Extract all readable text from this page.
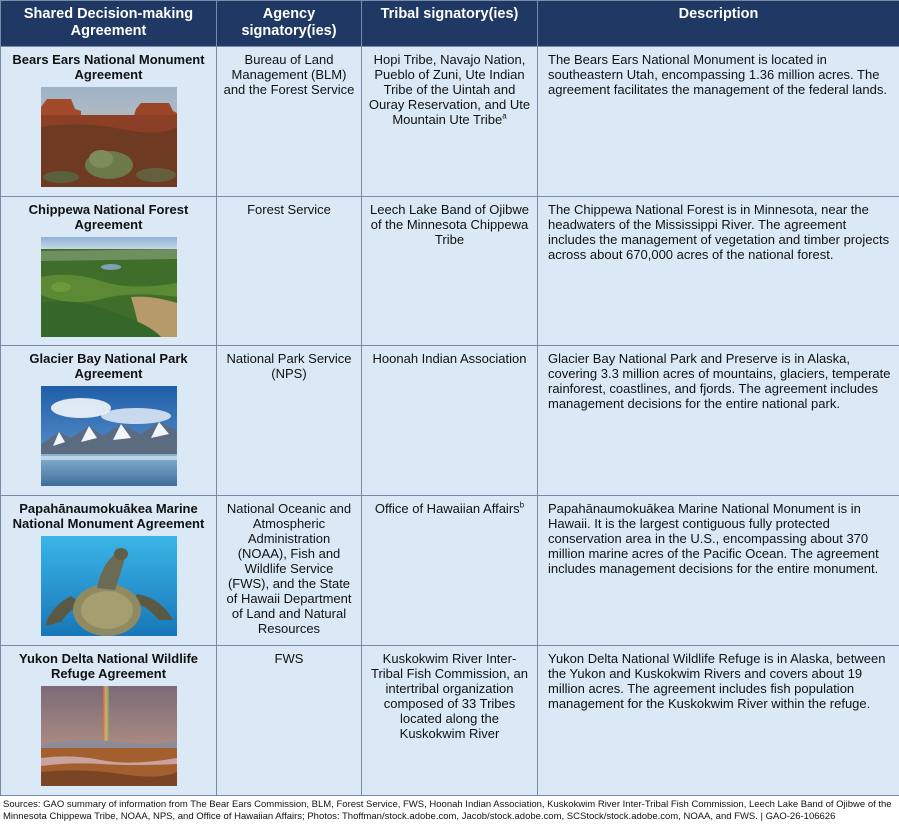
Shared Decision-making Agreement	Agency signatory(ies)	Tribal signatory(ies)	Description

Bears Ears National Monument Agreement	Bureau of Land Management (BLM) and the Forest Service	Hopi Tribe, Navajo Nation, Pueblo of Zuni, Ute Indian Tribe of the Uintah and Ouray Reservation, and Ute Mountain Ute Tribe$^a$	The Bears Ears National Monument is located in southeastern Utah, encompassing 1.36 million acres. The agreement facilitates the management of the federal lands.

Chippewa National Forest Agreement	Forest Service	Leech Lake Band of Ojibwe of the Minnesota Chippewa Tribe	The Chippewa National Forest is in Minnesota, near the headwaters of the Mississippi River. The agreement includes the management of vegetation and timber projects across about 670,000 acres of the national forest.

Glacier Bay National Park Agreement	National Park Service (NPS)	Hoonah Indian Association	Glacier Bay National Park and Preserve is in Alaska, covering 3.3 million acres of mountains, glaciers, temperate rainforest, coastlines, and fjords. The agreement includes management decisions for the entire national park.

Papahānaumokuākea Marine National Monument Agreement	National Oceanic and Atmospheric Administration (NOAA), Fish and Wildlife Service (FWS), and the State of Hawaii Department of Land and Natural Resources	Office of Hawaiian Affairs$^b$	Papahānaumokuākea Marine National Monument is in Hawaii. It is the largest contiguous fully protected conservation area in the U.S., encompassing about 370 million marine acres of the Pacific Ocean. The agreement includes management decisions for the entire monument.

Yukon Delta National Wildlife Refuge Agreement	FWS	Kuskokwim River Inter-Tribal Fish Commission, an intertribal organization composed of 33 Tribes located along the Kuskokwim River	Yukon Delta National Wildlife Refuge is in Alaska, between the Yukon and Kuskokwim Rivers and covers about 19 million acres. The agreement includes fish population management for the Kuskokwim River within the refuge.
Sources: GAO summary of information from The Bear Ears Commission, BLM, Forest Service, FWS, Hoonah Indian Association, Kuskokwim River Inter-Tribal Fish Commission, Leech Lake Band of Ojibwe of the Minnesota Chippewa Tribe, NOAA, NPS, and Office of Hawaiian Affairs; Photos: Thoffman/stock.adobe.com, Jacob/stock.adobe.com, SCStock/stock.adobe.com, NOAA, and FWS. | GAO-26-106626
